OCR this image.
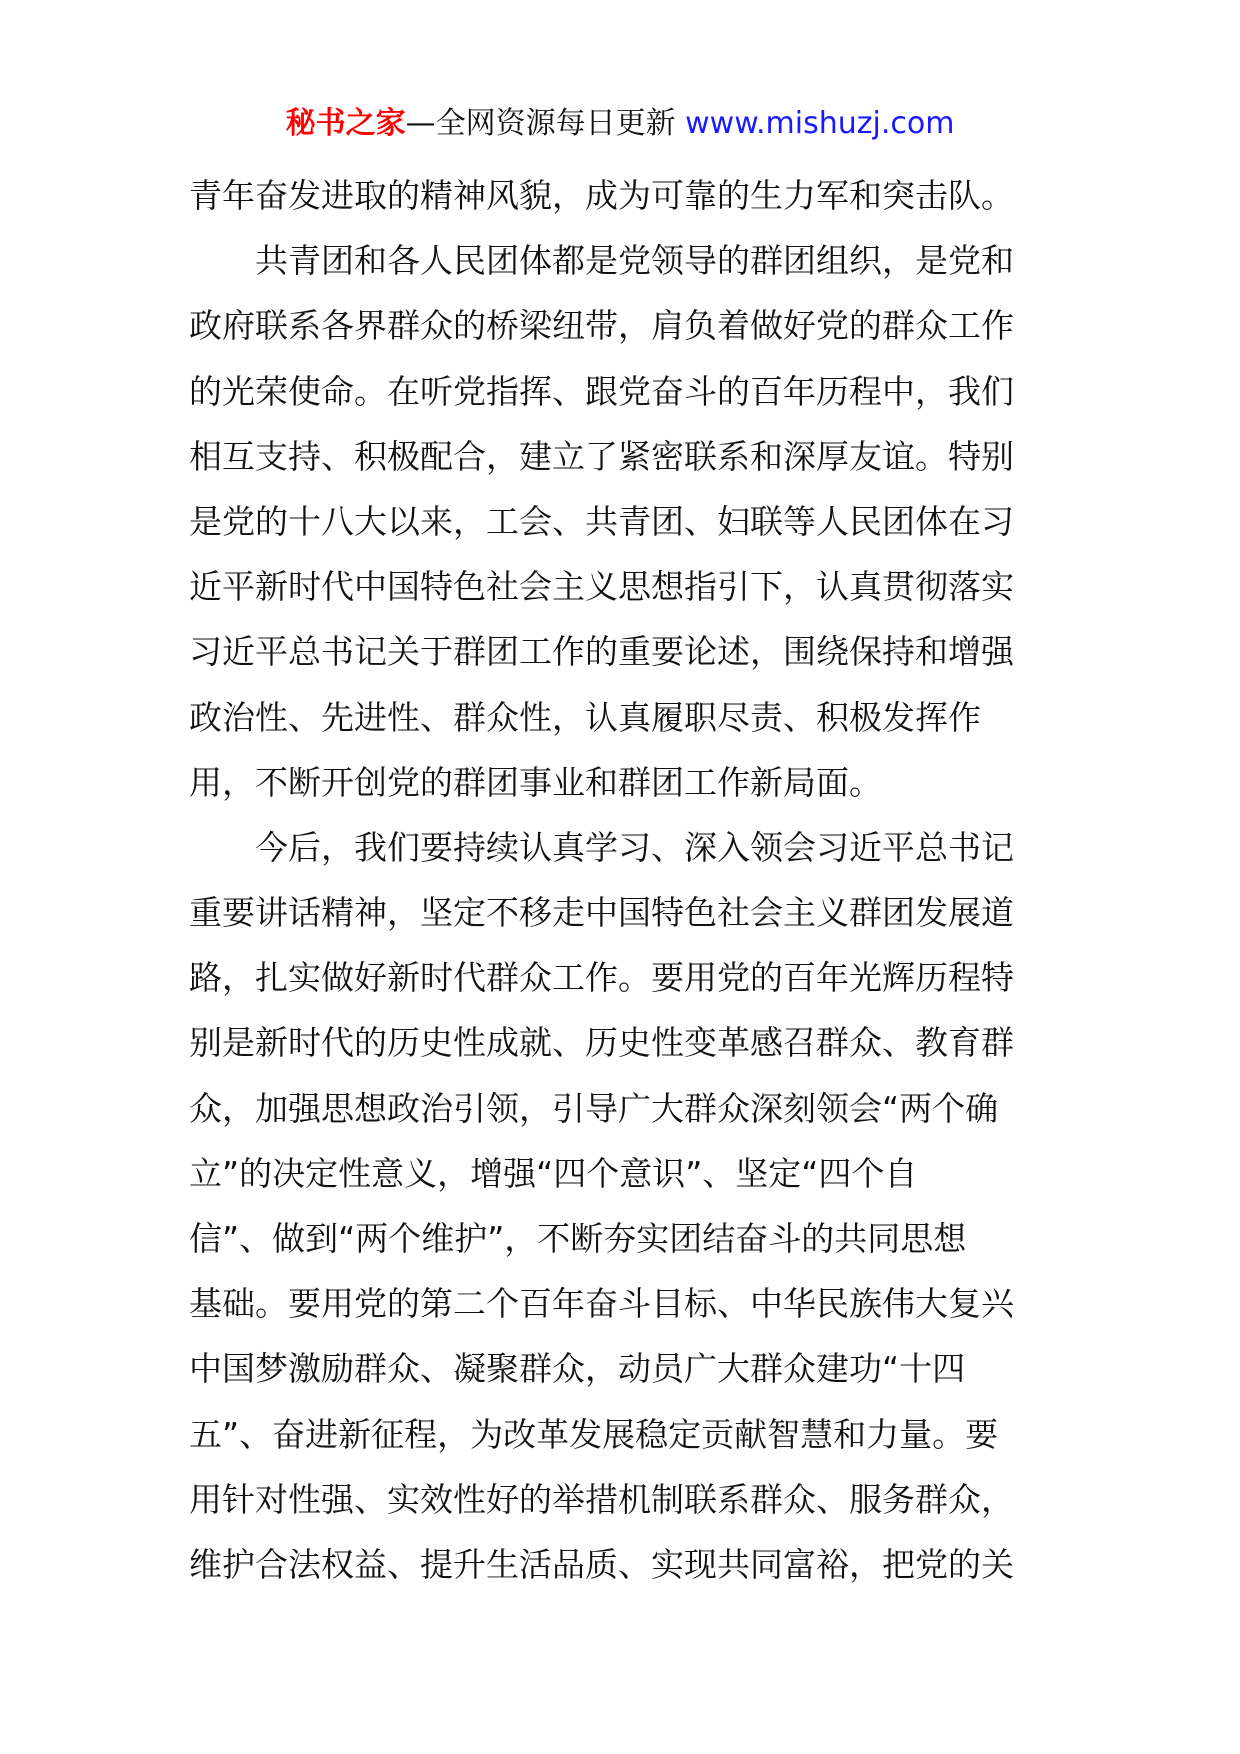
秘书之家—全网资源每日更新 www.mishuzj.com
青年奋发进取的精神风貌，成为可靠的生力军和突击队。
共青团和各人民团体都是党领导的群团组织，是党和
政府联系各界群众的桥梁纽带，肩负着做好党的群众工作
的光荣使命。在听党指挥、跟党奋斗的百年历程中，我们
相互支持、积极配合，建立了紧密联系和深厚友谊。特别
是党的十八大以来，工会、共青团、妇联等人民团体在习
近平新时代中国特色社会主义思想指引下，认真贯彻落实
习近平总书记关于群团工作的重要论述，围绕保持和增强
政治性、先进性、群众性，认真履职尽责、积极发挥作
用，不断开创党的群团事业和群团工作新局面。
今后，我们要持续认真学习、深入领会习近平总书记
重要讲话精神，坚定不移走中国特色社会主义群团发展道
路，扎实做好新时代群众工作。要用党的百年光辉历程特
别是新时代的历史性成就、历史性变革感召群众、教育群
众，加强思想政治引领，引导广大群众深刻领会“两个确
立”的决定性意义，增强“四个意识”、坚定“四个自
信”、做到“两个维护”，不断夯实团结奋斗的共同思想
基础。要用党的第二个百年奋斗目标、中华民族伟大复兴
中国梦激励群众、凝聚群众，动员广大群众建功“十四
五”、奋进新征程，为改革发展稳定贡献智慧和力量。要
用针对性强、实效性好的举措机制联系群众、服务群众，
维护合法权益、提升生活品质、实现共同富裕，把党的关
